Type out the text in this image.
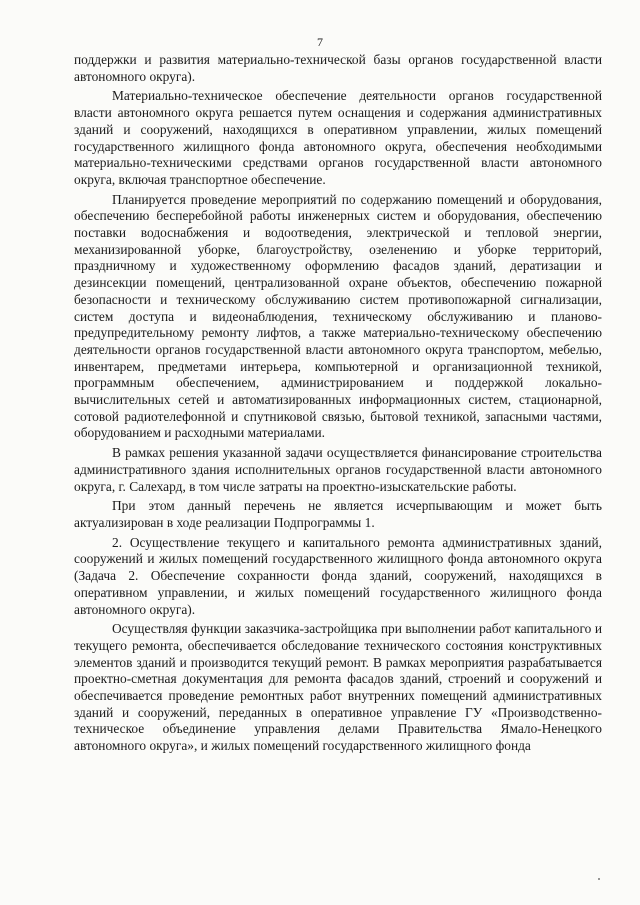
7

поддержки и развития материально-технической базы органов государственной власти автономного округа).

Материально-техническое обеспечение деятельности органов государственной власти автономного округа решается путем оснащения и содержания административных зданий и сооружений, находящихся в оперативном управлении, жилых помещений государственного жилищного фонда автономного округа, обеспечения необходимыми материально-техническими средствами органов государственной власти автономного округа, включая транспортное обеспечение.

Планируется проведение мероприятий по содержанию помещений и оборудования, обеспечению бесперебойной работы инженерных систем и оборудования, обеспечению поставки водоснабжения и водоотведения, электрической и тепловой энергии, механизированной уборке, благоустройству, озеленению и уборке территорий, праздничному и художественному оформлению фасадов зданий, дератизации и дезинсекции помещений, централизованной охране объектов, обеспечению пожарной безопасности и техническому обслуживанию систем противопожарной сигнализации, систем доступа и видеонаблюдения, техническому обслуживанию и планово-предупредительному ремонту лифтов, а также материально-техническому обеспечению деятельности органов государственной власти автономного округа транспортом, мебелью, инвентарем, предметами интерьера, компьютерной и организационной техникой, программным обеспечением, администрированием и поддержкой локально-вычислительных сетей и автоматизированных информационных систем, стационарной, сотовой радиотелефонной и спутниковой связью, бытовой техникой, запасными частями, оборудованием и расходными материалами.

В рамках решения указанной задачи осуществляется финансирование строительства административного здания исполнительных органов государственной власти автономного округа, г. Салехард, в том числе затраты на проектно-изыскательские работы.

При этом данный перечень не является исчерпывающим и может быть актуализирован в ходе реализации Подпрограммы 1.

2. Осуществление текущего и капитального ремонта административных зданий, сооружений и жилых помещений государственного жилищного фонда автономного округа (Задача 2. Обеспечение сохранности фонда зданий, сооружений, находящихся в оперативном управлении, и жилых помещений государственного жилищного фонда автономного округа).

Осуществляя функции заказчика-застройщика при выполнении работ капитального и текущего ремонта, обеспечивается обследование технического состояния конструктивных элементов зданий и производится текущий ремонт. В рамках мероприятия разрабатывается проектно-сметная документация для ремонта фасадов зданий, строений и сооружений и обеспечивается проведение ремонтных работ внутренних помещений административных зданий и сооружений, переданных в оперативное управление ГУ «Производственно-техническое объединение управления делами Правительства Ямало-Ненецкого автономного округа», и жилых помещений государственного жилищного фонда
